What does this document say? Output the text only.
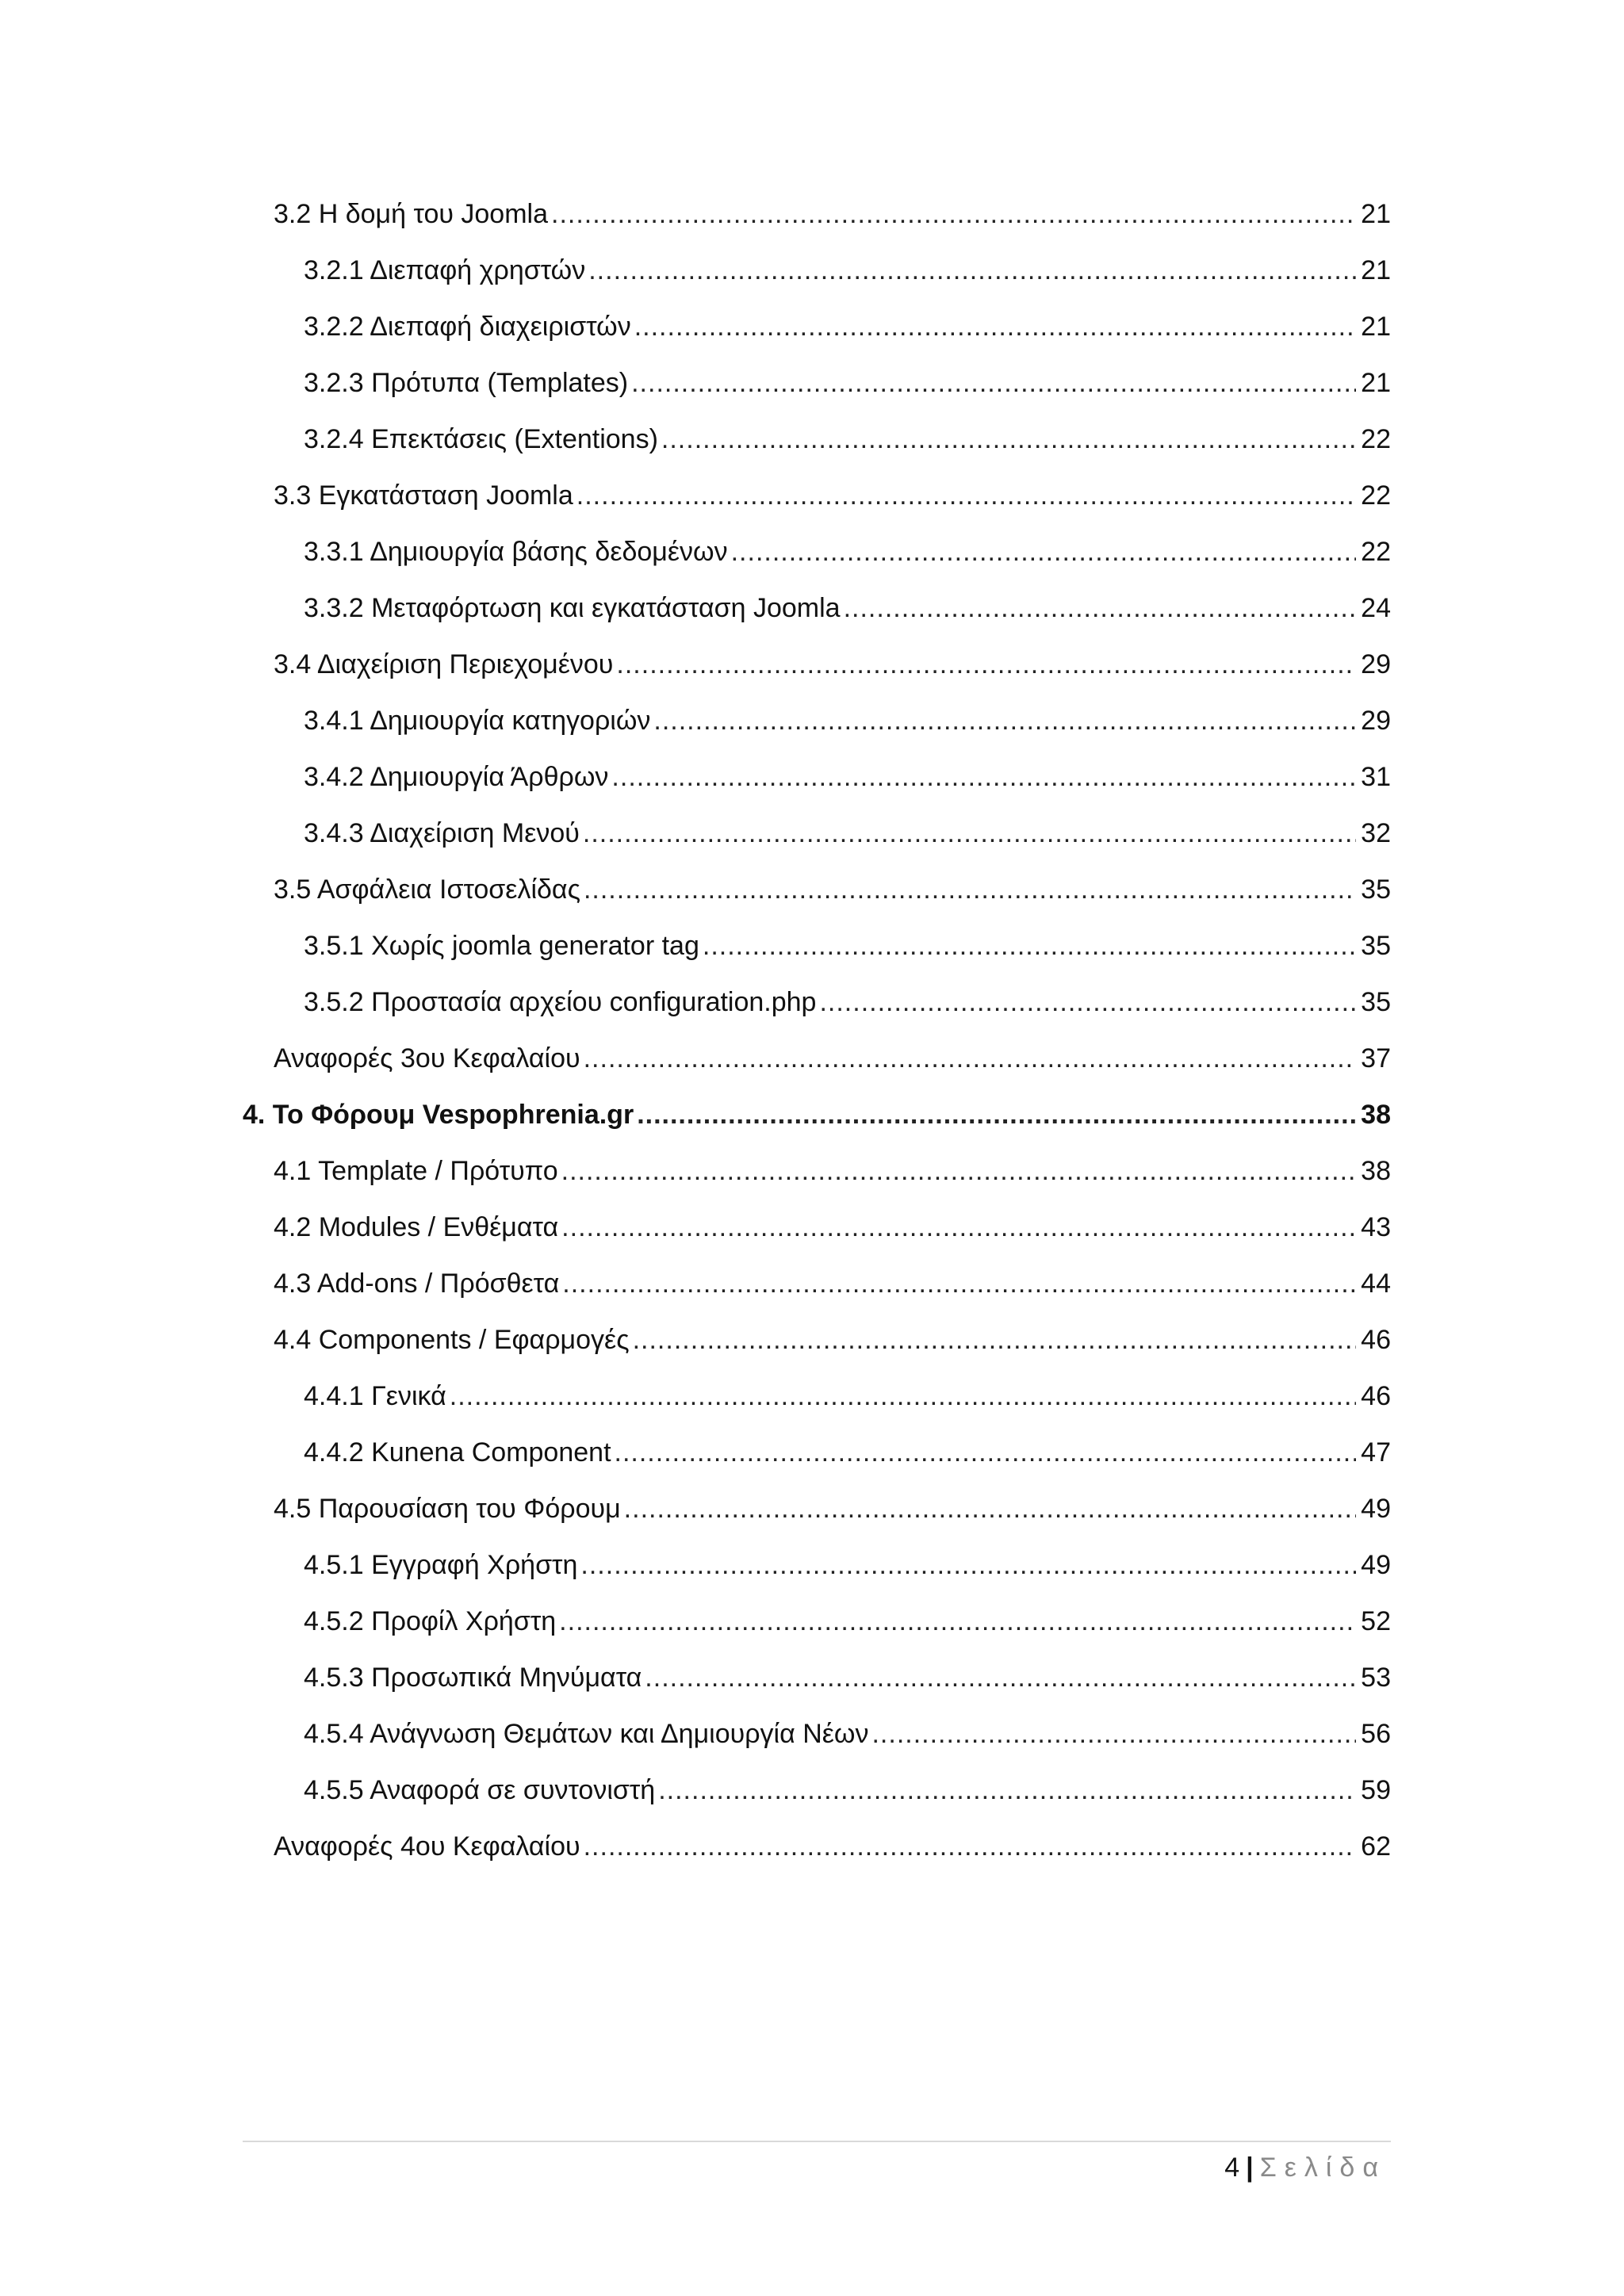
3.2 Η δομή του Joomla .....	21
3.2.1 Διεπαφή χρηστών .....	21
3.2.2 Διεπαφή διαχειριστών .....	21
3.2.3 Πρότυπα (Templates) .....	21
3.2.4 Επεκτάσεις (Extentions) .....	22
3.3 Εγκατάσταση Joomla .....	22
3.3.1 Δημιουργία βάσης δεδομένων .....	22
3.3.2 Μεταφόρτωση και εγκατάσταση Joomla .....	24
3.4 Διαχείριση Περιεχομένου .....	29
3.4.1 Δημιουργία κατηγοριών .....	29
3.4.2 Δημιουργία Άρθρων .....	31
3.4.3 Διαχείριση Μενού .....	32
3.5 Ασφάλεια Ιστοσελίδας .....	35
3.5.1 Χωρίς joomla generator tag .....	35
3.5.2 Προστασία αρχείου configuration.php .....	35
Αναφορές 3ου Κεφαλαίου .....	37
4. Το Φόρουμ Vespophrenia.gr .....	38
4.1 Template / Πρότυπο .....	38
4.2 Modules / Ενθέματα .....	43
4.3 Add-ons / Πρόσθετα .....	44
4.4 Components / Εφαρμογές .....	46
4.4.1 Γενικά .....	46
4.4.2 Kunena Component .....	47
4.5 Παρουσίαση του Φόρουμ .....	49
4.5.1 Εγγραφή Χρήστη .....	49
4.5.2 Προφίλ Χρήστη .....	52
4.5.3 Προσωπικά Μηνύματα .....	53
4.5.4 Ανάγνωση Θεμάτων και Δημιουργία Νέων .....	56
4.5.5 Αναφορά σε συντονιστή .....	59
Αναφορές 4ου Κεφαλαίου .....	62
4 | Σελίδα
